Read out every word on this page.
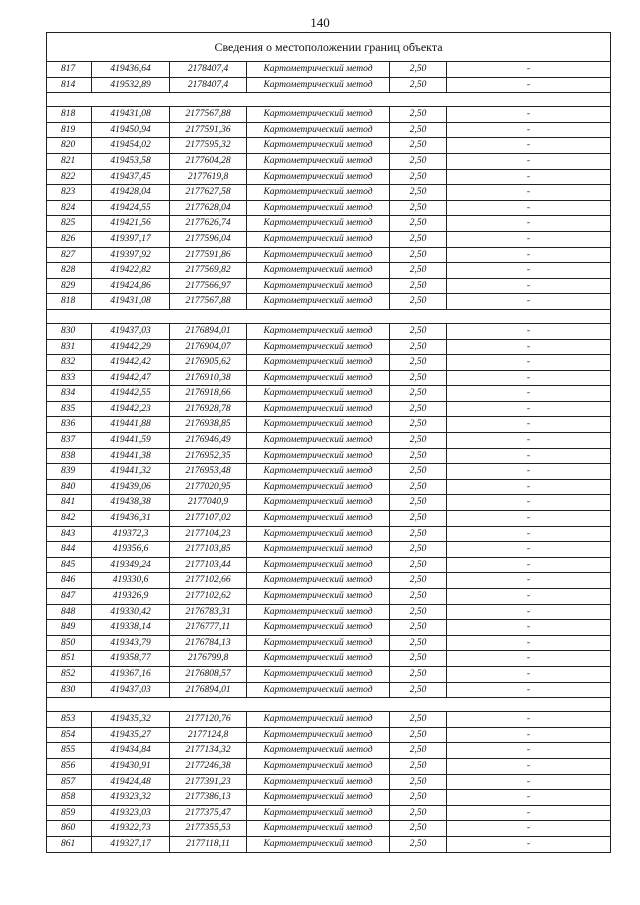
140
Сведения о местоположении границ объекта					
817	419436,64	2178407,4	Картометрический метод	2,50	-
814	419532,89	2178407,4	Картометрический метод	2,50	-

818	419431,08	2177567,88	Картометрический метод	2,50	-
819	419450,94	2177591,36	Картометрический метод	2,50	-
820	419454,02	2177595,32	Картометрический метод	2,50	-
821	419453,58	2177604,28	Картометрический метод	2,50	-
822	419437,45	2177619,8	Картометрический метод	2,50	-
823	419428,04	2177627,58	Картометрический метод	2,50	-
824	419424,55	2177628,04	Картометрический метод	2,50	-
825	419421,56	2177626,74	Картометрический метод	2,50	-
826	419397,17	2177596,04	Картометрический метод	2,50	-
827	419397,92	2177591,86	Картометрический метод	2,50	-
828	419422,82	2177569,82	Картометрический метод	2,50	-
829	419424,86	2177566,97	Картометрический метод	2,50	-
818	419431,08	2177567,88	Картометрический метод	2,50	-

830	419437,03	2176894,01	Картометрический метод	2,50	-
831	419442,29	2176904,07	Картометрический метод	2,50	-
832	419442,42	2176905,62	Картометрический метод	2,50	-
833	419442,47	2176910,38	Картометрический метод	2,50	-
834	419442,55	2176918,66	Картометрический метод	2,50	-
835	419442,23	2176928,78	Картометрический метод	2,50	-
836	419441,88	2176938,85	Картометрический метод	2,50	-
837	419441,59	2176946,49	Картометрический метод	2,50	-
838	419441,38	2176952,35	Картометрический метод	2,50	-
839	419441,32	2176953,48	Картометрический метод	2,50	-
840	419439,06	2177020,95	Картометрический метод	2,50	-
841	419438,38	2177040,9	Картометрический метод	2,50	-
842	419436,31	2177107,02	Картометрический метод	2,50	-
843	419372,3	2177104,23	Картометрический метод	2,50	-
844	419356,6	2177103,85	Картометрический метод	2,50	-
845	419349,24	2177103,44	Картометрический метод	2,50	-
846	419330,6	2177102,66	Картометрический метод	2,50	-
847	419326,9	2177102,62	Картометрический метод	2,50	-
848	419330,42	2176783,31	Картометрический метод	2,50	-
849	419338,14	2176777,11	Картометрический метод	2,50	-
850	419343,79	2176784,13	Картометрический метод	2,50	-
851	419358,77	2176799,8	Картометрический метод	2,50	-
852	419367,16	2176808,57	Картометрический метод	2,50	-
830	419437,03	2176894,01	Картометрический метод	2,50	-

853	419435,32	2177120,76	Картометрический метод	2,50	-
854	419435,27	2177124,8	Картометрический метод	2,50	-
855	419434,84	2177134,32	Картометрический метод	2,50	-
856	419430,91	2177246,38	Картометрический метод	2,50	-
857	419424,48	2177391,23	Картометрический метод	2,50	-
858	419323,32	2177386,13	Картометрический метод	2,50	-
859	419323,03	2177375,47	Картометрический метод	2,50	-
860	419322,73	2177355,53	Картометрический метод	2,50	-
861	419327,17	2177118,11	Картометрический метод	2,50	-
